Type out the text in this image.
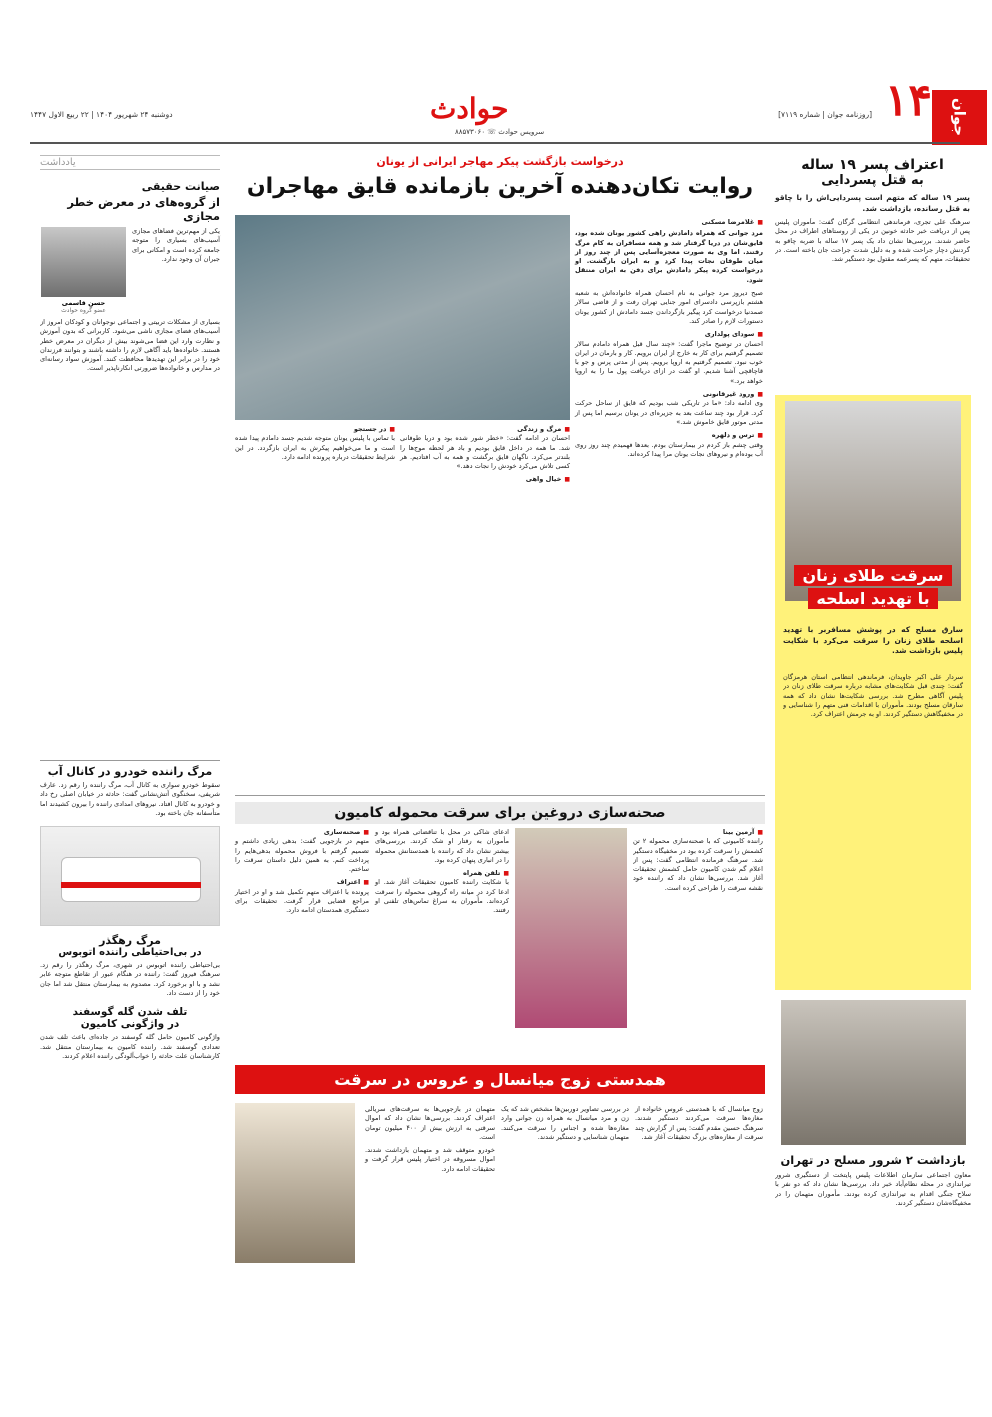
۱۴	جوان
[روزنامه جوان | شماره ۷۱۱۹]
حوادث
سرویس حوادث ☏ ۸۸۵۷۳۰۶۰
دوشنبه ۲۴ شهریور ۱۴۰۴ | ۲۲ ربیع الاول ۱۴۴۷
اعتراف پسر ۱۹ ساله
به قتل پسردایی
پسر ۱۹ ساله که متهم است پسردایی‌اش را با چاقو به قتل رسانده، بازداشت شد.
سرهنگ علی تجری، فرماندهی انتظامی گرگان گفت: مأموران پلیس پس از دریافت خبر حادثه خونین در یکی از روستاهای اطراف در محل حاضر شدند. بررسی‌ها نشان داد یک پسر ۱۷ ساله با ضربه چاقو به گردنش دچار جراحت شده و به دلیل شدت جراحت جان باخته است. در تحقیقات، متهم که پسرعمه مقتول بود دستگیر شد.
سرقت طلای زنان
با تهدید اسلحه
سارق مسلح که در پوشش مسافربر با تهدید اسلحه طلای زنان را سرقت می‌کرد با شکایت پلیس بازداشت شد.
سردار علی اکبر جاویدان، فرماندهی انتظامی استان هرمزگان گفت: چندی قبل شکایت‌های مشابه درباره سرقت طلای زنان در پلیس آگاهی مطرح شد. بررسی شکایت‌ها نشان داد که همه سارقان مسلح بودند. مأموران با اقدامات فنی متهم را شناسایی و در مخفیگاهش دستگیر کردند. او به جرمش اعتراف کرد.
بازداشت ۲ شرور مسلح در تهران
معاون اجتماعی سازمان اطلاعات پلیس پایتخت از دستگیری شرور تیراندازی در محله نظام‌آباد خبر داد. بررسی‌ها نشان داد که دو نفر با سلاح جنگی اقدام به تیراندازی کرده بودند. مأموران متهمان را در مخفیگاه‌شان دستگیر کردند.
درخواست بازگشت پیکر مهاجر ایرانی از یونان
روایت تکان‌دهنده آخرین بازمانده قایق مهاجران
■ غلامرضا مسکنی
مرد جوانی که همراه دامادش راهی کشور یونان شده بود، قایق‌شان در دریا گرفتار شد و همه مسافران به کام مرگ رفتند. اما وی به صورت معجزه‌آسایی پس از چند روز از میان طوفان نجات پیدا کرد و به ایران بازگشت. او درخواست کرده پیکر دامادش برای دفن به ایران منتقل شود.
صبح دیروز مرد جوانی به نام احسان همراه خانواده‌اش به شعبه هشتم بازپرسی دادسرای امور جنایی تهران رفت و از قاضی سالار صمدنیا درخواست کرد پیگیر بازگرداندن جسد دامادش از کشور یونان دستورات لازم را صادر کند.
■ سودای پولداری
احسان در توضیح ماجرا گفت: «چند سال قبل همراه دامادم سالار تصمیم گرفتیم برای کار به خارج از ایران برویم. کار و بارمان در ایران خوب نبود. تصمیم گرفتیم به اروپا برویم. پس از مدتی پرس و جو با قاچاقچی آشنا شدیم. او گفت در ازای دریافت پول ما را به اروپا خواهد برد.»
■ ورود غیرقانونی
وی ادامه داد: «ما در تاریکی شب بودیم که قایق از ساحل حرکت کرد. قرار بود چند ساعت بعد به جزیره‌ای در یونان برسیم اما پس از مدتی موتور قایق خاموش شد.»
■ ترس و دلهره
وقتی چشم باز کردم در بیمارستان بودم. بعدها فهمیدم چند روز روی آب بوده‌ام و نیروهای نجات یونان مرا پیدا کرده‌اند.
■ مرگ و زندگی
احسان در ادامه گفت: «خطر شور شده بود و دریا طوفانی شد. ما همه در داخل قایق بودیم و باد هر لحظه موج‌ها را بلندتر می‌کرد. ناگهان قایق برگشت و همه به آب افتادیم. هر کسی تلاش می‌کرد خودش را نجات دهد.»
■ خیال واهی
■ در جستجو
با تماس با پلیس یونان متوجه شدیم جسد دامادم پیدا شده است و ما می‌خواهیم پیکرش به ایران بازگردد. در این شرایط تحقیقات درباره پرونده ادامه دارد.
یادداشت
صیانت حقیقی
از گروه‌های در معرض خطر مجازی
یکی از مهم‌ترین فضاهای مجازی آسیب‌های بسیاری را متوجه جامعه کرده است و امکانی برای جبران آن وجود ندارد.
حسن قاسمی
عضو گروه حوادث
بسیاری از مشکلات تربیتی و اجتماعی نوجوانان و کودکان امروز از آسیب‌های فضای مجازی ناشی می‌شود. کاربرانی که بدون آموزش و نظارت وارد این فضا می‌شوند بیش از دیگران در معرض خطر هستند. خانواده‌ها باید آگاهی لازم را داشته باشند و بتوانند فرزندان خود را در برابر این تهدیدها محافظت کنند. آموزش سواد رسانه‌ای در مدارس و خانواده‌ها ضرورتی انکارناپذیر است.
مرگ راننده خودرو در کانال آب
سقوط خودرو سواری به کانال آب، مرگ راننده را رقم زد. عارف شریفی، سخنگوی آتش‌نشانی گفت: حادثه در خیابان اصلی رخ داد و خودرو به کانال افتاد. نیروهای امدادی راننده را بیرون کشیدند اما متأسفانه جان باخته بود.
مرگ رهگذر
در بی‌احتیاطی راننده اتوبوس
بی‌احتیاطی راننده اتوبوس در شهری، مرگ رهگذر را رقم زد. سرهنگ فیروز گفت: راننده در هنگام عبور از تقاطع متوجه عابر نشد و با او برخورد کرد. مصدوم به بیمارستان منتقل شد اما جان خود را از دست داد.
تلف شدن گله گوسفند
در واژگونی کامیون
واژگونی کامیون حامل گله گوسفند در جاده‌ای باعث تلف شدن تعدادی گوسفند شد. راننده کامیون به بیمارستان منتقل شد. کارشناسان علت حادثه را خواب‌آلودگی راننده اعلام کردند.
صحنه‌سازی دروغین برای سرقت محموله کامیون
■ آرمین بینا
راننده کامیونی که با صحنه‌سازی محموله ۲ تن کشمش را سرقت کرده بود در مخفیگاه دستگیر شد. سرهنگ فرمانده انتظامی گفت: پس از اعلام گم شدن کامیون حامل کشمش تحقیقات آغاز شد. بررسی‌ها نشان داد که راننده خود نقشه سرقت را طراحی کرده است.
ادعای شاکی در محل با تناقضاتی همراه بود و مأموران به رفتار او شک کردند. بررسی‌های بیشتر نشان داد که راننده با همدستانش محموله را در انباری پنهان کرده بود.
■ تلفن همراه
با شکایت راننده کامیون تحقیقات آغاز شد. او ادعا کرد در میانه راه گروهی محموله را سرقت کرده‌اند. مأموران به سراغ تماس‌های تلفنی او رفتند.
■ صحنه‌سازی
متهم در بازجویی گفت: بدهی زیادی داشتم و تصمیم گرفتم با فروش محموله بدهی‌هایم را پرداخت کنم. به همین دلیل داستان سرقت را ساختم.
■ اعتراف
پرونده با اعتراف متهم تکمیل شد و او در اختیار مراجع قضایی قرار گرفت. تحقیقات برای دستگیری همدستان ادامه دارد.
همدستی زوج میانسال و عروس در سرقت
زوج میانسال که با همدستی عروس خانواده از مغازه‌ها سرقت می‌کردند دستگیر شدند. سرهنگ حسین مقدم گفت: پس از گزارش چند سرقت از مغازه‌های بزرگ تحقیقات آغاز شد.
در بررسی تصاویر دوربین‌ها مشخص شد که یک زن و مرد میانسال به همراه زن جوانی وارد مغازه‌ها شده و اجناس را سرقت می‌کنند. متهمان شناسایی و دستگیر شدند.
متهمان در بازجویی‌ها به سرقت‌های سریالی اعتراف کردند. بررسی‌ها نشان داد که اموال سرقتی به ارزش بیش از ۴۰۰ میلیون تومان است.
خودرو متوقف شد و متهمان بازداشت شدند. اموال مسروقه در اختیار پلیس قرار گرفت و تحقیقات ادامه دارد.
